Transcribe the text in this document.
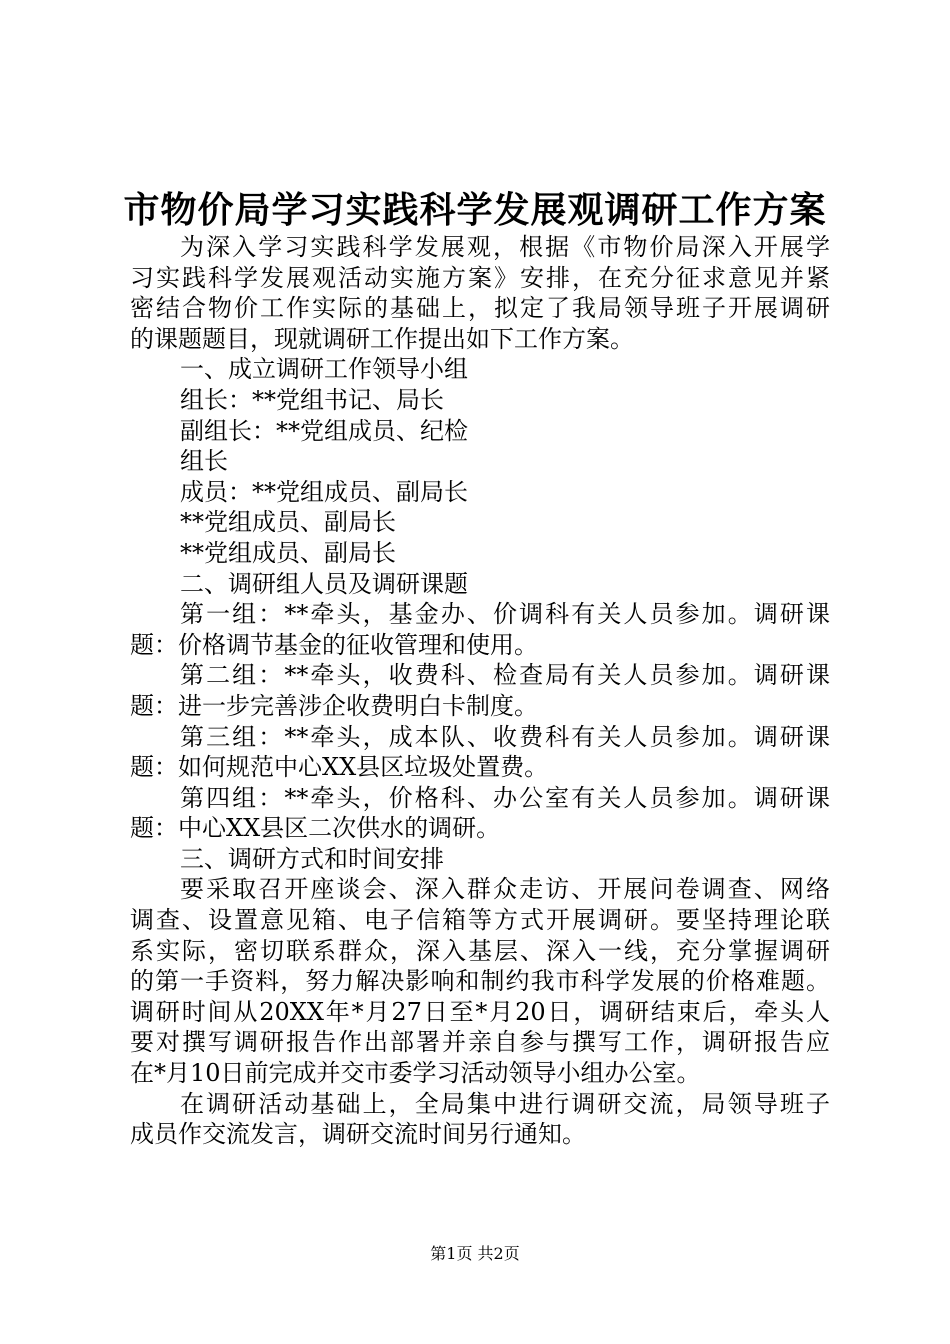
市物价局学习实践科学发展观调研工作方案
为深入学习实践科学发展观，根据《市物价局深入开展学
习实践科学发展观活动实施方案》安排，在充分征求意见并紧
密结合物价工作实际的基础上，拟定了我局领导班子开展调研
的课题题目，现就调研工作提出如下工作方案。
一、成立调研工作领导小组
组长：**党组书记、局长
副组长：**党组成员、纪检
组长
成员：**党组成员、副局长
**党组成员、副局长
**党组成员、副局长
二、调研组人员及调研课题
第一组：**牵头，基金办、价调科有关人员参加。调研课
题：价格调节基金的征收管理和使用。
第二组：**牵头，收费科、检查局有关人员参加。调研课
题：进一步完善涉企收费明白卡制度。
第三组：**牵头，成本队、收费科有关人员参加。调研课
题：如何规范中心XX县区垃圾处置费。
第四组：**牵头，价格科、办公室有关人员参加。调研课
题：中心XX县区二次供水的调研。
三、调研方式和时间安排
要采取召开座谈会、深入群众走访、开展问卷调查、网络
调查、设置意见箱、电子信箱等方式开展调研。要坚持理论联
系实际，密切联系群众，深入基层、深入一线，充分掌握调研
的第一手资料，努力解决影响和制约我市科学发展的价格难题。
调研时间从20XX年*月27日至*月20日，调研结束后，牵头人
要对撰写调研报告作出部署并亲自参与撰写工作，调研报告应
在*月10日前完成并交市委学习活动领导小组办公室。
在调研活动基础上，全局集中进行调研交流，局领导班子
成员作交流发言，调研交流时间另行通知。
第1页 共2页
